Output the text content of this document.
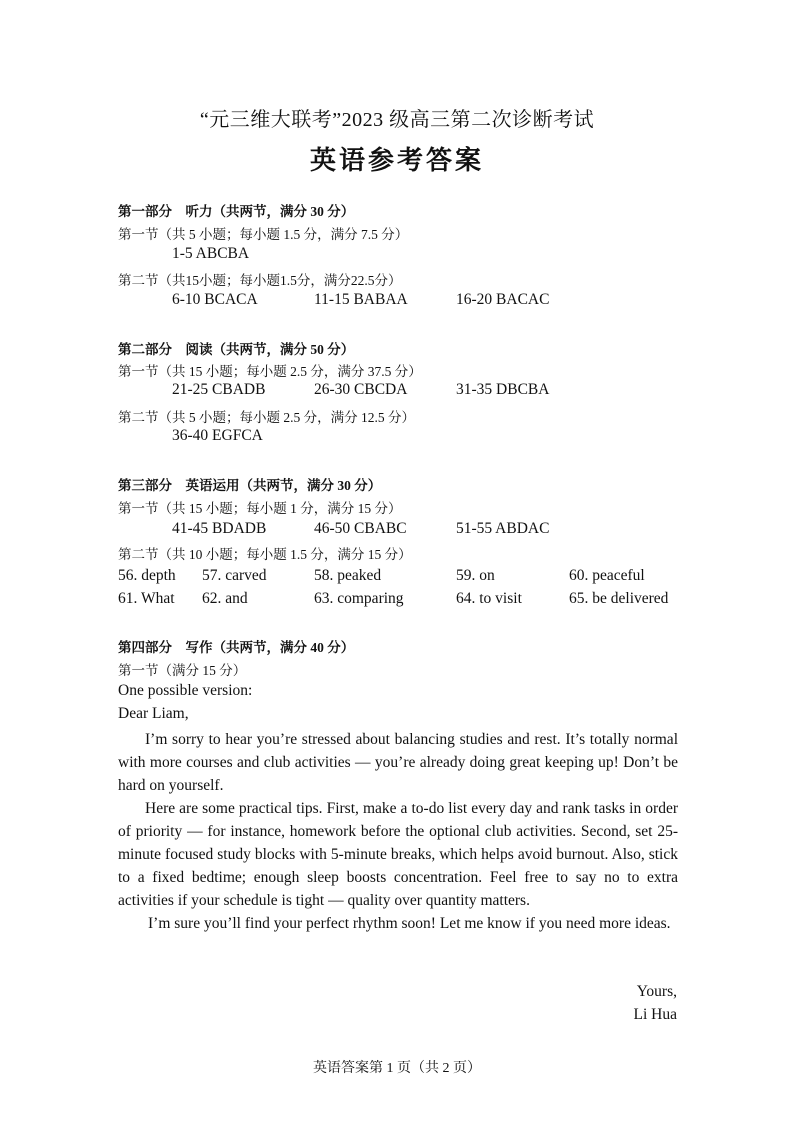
“元三维大联考”2023 级高三第二次诊断考试
英语参考答案
第一部分　听力（共两节，满分 30 分）
第一节（共 5 小题；每小题 1.5 分，满分 7.5 分）
1-5 ABCBA
第二节（共15小题；每小题1.5分，满分22.5分）
6-10 BCACA	11-15 BABAA	16-20 BACAC
第二部分　阅读（共两节，满分 50 分）
第一节（共 15 小题；每小题 2.5 分，满分 37.5 分）
21-25 CBADB	26-30 CBCDA	31-35 DBCBA
第二节（共 5 小题；每小题 2.5 分，满分 12.5 分）
36-40 EGFCA
第三部分　英语运用（共两节，满分 30 分）
第一节（共 15 小题；每小题 1 分，满分 15 分）
41-45 BDADB	46-50 CBABC	51-55 ABDAC
第二节（共 10 小题；每小题 1.5 分，满分 15 分）
56. depth 57. carved	58. peaked	59. on	60. peaceful
61. What 62. and	63. comparing	64. to visit	65. be delivered
第四部分　写作（共两节，满分 40 分）
第一节（满分 15 分）
One possible version:
Dear Liam,

I’m sorry to hear you’re stressed about balancing studies and rest. It’s totally normal with more courses and club activities — you’re already doing great keeping up! Don’t be hard on yourself.

Here are some practical tips. First, make a to-do list every day and rank tasks in order of priority — for instance, homework before the optional club activities. Second, set 25-minute focused study blocks with 5-minute breaks, which helps avoid burnout. Also, stick to a fixed bedtime; enough sleep boosts concentration. Feel free to say no to extra activities if your schedule is tight — quality over quantity matters.

I’m sure you’ll find your perfect rhythm soon! Let me know if you need more ideas.

Yours,
Li Hua
英语答案第 1 页（共 2 页）
